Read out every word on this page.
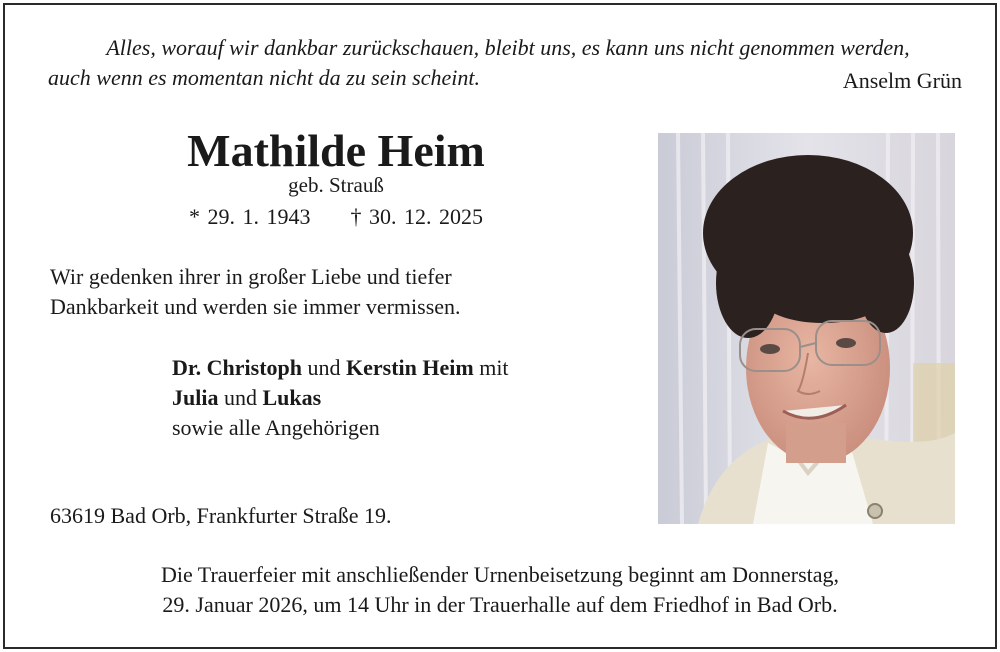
Alles, worauf wir dankbar zurückschauen, bleibt uns, es kann uns nicht genommen werden,
auch wenn es momentan nicht da zu sein scheint.	Anselm Grün
Mathilde Heim
geb. Strauß
* 29. 1. 1943 † 30. 12. 2025
Wir gedenken ihrer in großer Liebe und tiefer
Dankbarkeit und werden sie immer vermissen.
Dr. Christoph und Kerstin Heim mit
Julia und Lukas
sowie alle Angehörigen
63619 Bad Orb, Frankfurter Straße 19.
Die Trauerfeier mit anschließender Urnenbeisetzung beginnt am Donnerstag,
29. Januar 2026, um 14 Uhr in der Trauerhalle auf dem Friedhof in Bad Orb.
